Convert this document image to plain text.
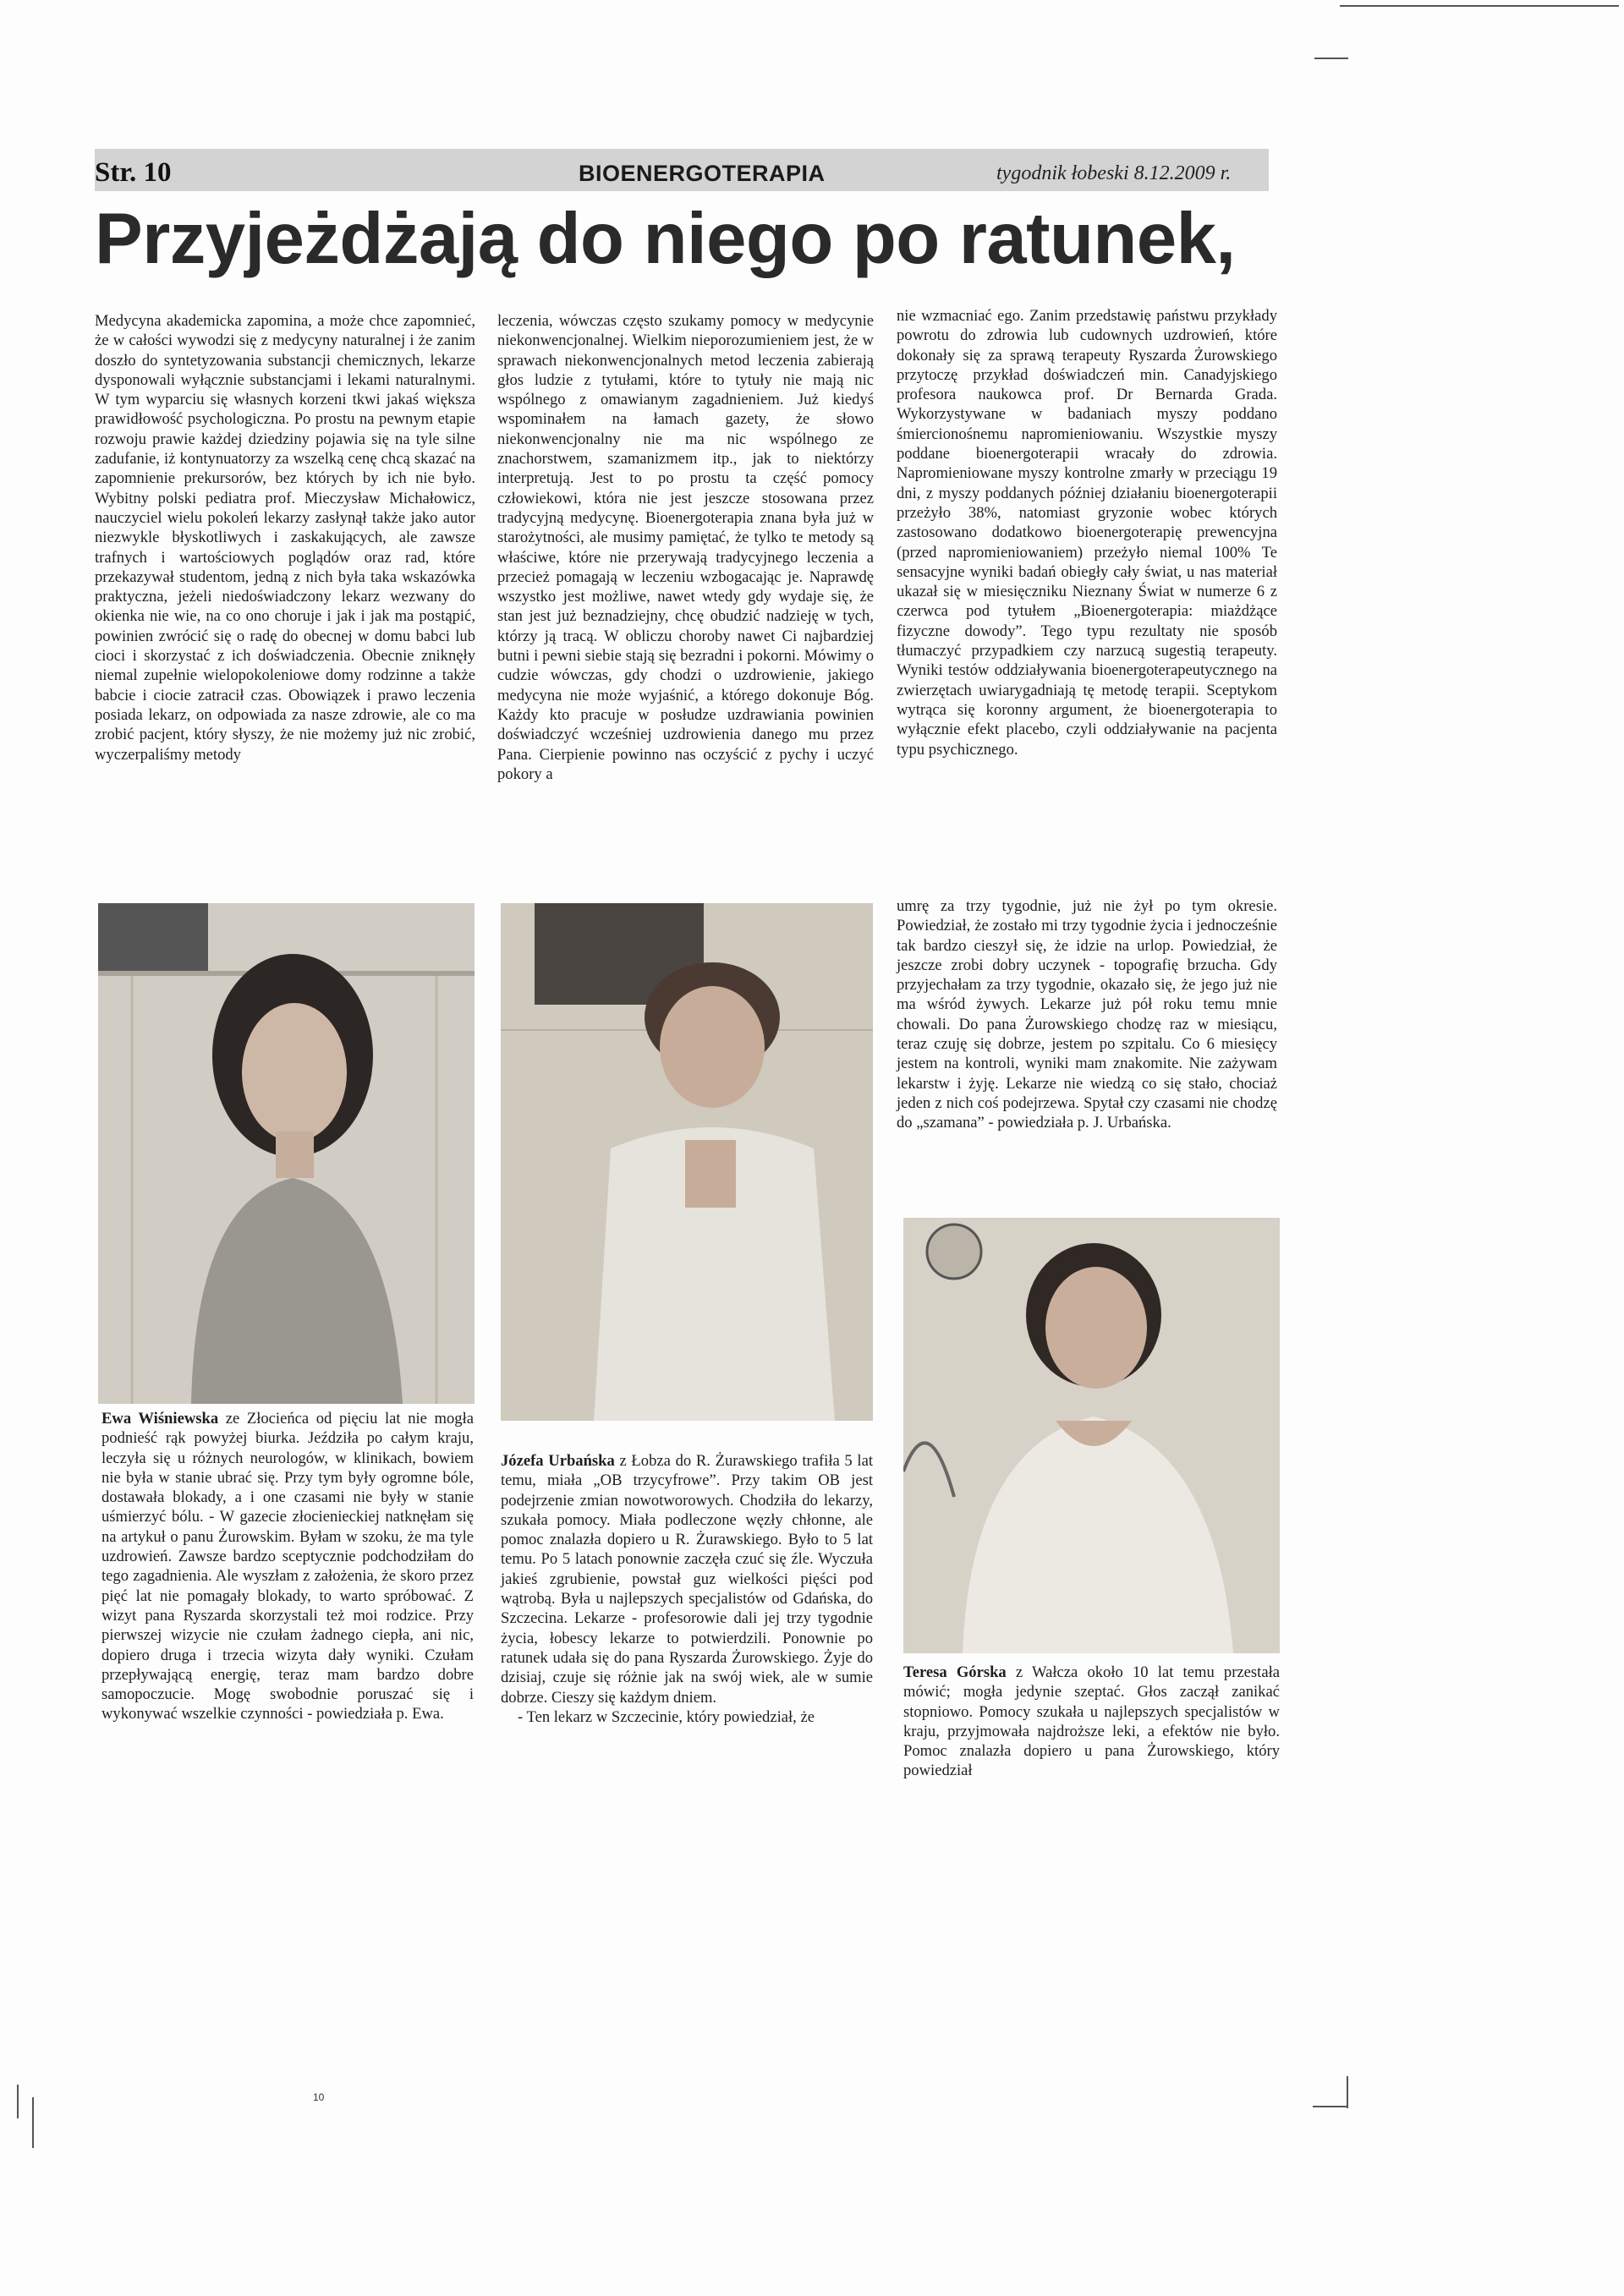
Str. 10	BIOENERGOTERAPIA	tygodnik łobeski 8.12.2009 r.
Przyjeżdżają do niego po ratunek,
Medycyna akademicka zapomina, a może chce zapomnieć, że w całości wywodzi się z medycyny naturalnej i że zanim doszło do syntetyzowania substancji chemicznych, lekarze dysponowali wyłącznie substancjami i lekami naturalnymi. W tym wyparciu się własnych korzeni tkwi jakaś większa prawidłowość psychologiczna. Po prostu na pewnym etapie rozwoju prawie każdej dziedziny pojawia się na tyle silne zadufanie, iż kontynuatorzy za wszelką cenę chcą skazać na zapomnienie prekursorów, bez których by ich nie było. Wybitny polski pediatra prof. Mieczysław Michałowicz, nauczyciel wielu pokoleń lekarzy zasłynął także jako autor niezwykle błyskotliwych i zaskakujących, ale zawsze trafnych i wartościowych poglądów oraz rad, które przekazywał studentom, jedną z nich była taka wskazówka praktyczna, jeżeli niedoświadczony lekarz wezwany do okienka nie wie, na co ono choruje i jak i jak ma postąpić, powinien zwrócić się o radę do obecnej w domu babci lub cioci i skorzystać z ich doświadczenia. Obecnie zniknęły niemal zupełnie wielopokoleniowe domy rodzinne a także babcie i ciocie zatracił czas. Obowiązek i prawo leczenia posiada lekarz, on odpowiada za nasze zdrowie, ale co ma zrobić pacjent, który słyszy, że nie możemy już nic zrobić, wyczerpaliśmy metody
leczenia, wówczas często szukamy pomocy w medycynie niekonwencjonalnej. Wielkim nieporozumieniem jest, że w sprawach niekonwencjonalnych metod leczenia zabierają głos ludzie z tytułami, które to tytuły nie mają nic wspólnego z omawianym zagadnieniem. Już kiedyś wspominałem na łamach gazety, że słowo niekonwencjonalny nie ma nic wspólnego ze znachorstwem, szamanizmem itp., jak to niektórzy interpretują. Jest to po prostu ta część pomocy człowiekowi, która nie jest jeszcze stosowana przez tradycyjną medycynę. Bioenergoterapia znana była już w starożytności, ale musimy pamiętać, że tylko te metody są właściwe, które nie przerywają tradycyjnego leczenia a przecież pomagają w leczeniu wzbogacając je. Naprawdę wszystko jest możliwe, nawet wtedy gdy wydaje się, że stan jest już beznadziejny, chcę obudzić nadzieję w tych, którzy ją tracą. W obliczu choroby nawet Ci najbardziej butni i pewni siebie stają się bezradni i pokorni. Mówimy o cudzie wówczas, gdy chodzi o uzdrowienie, jakiego medycyna nie może wyjaśnić, a którego dokonuje Bóg. Każdy kto pracuje w posłudze uzdrawiania powinien doświadczyć wcześniej uzdrowienia danego mu przez Pana. Cierpienie powinno nas oczyścić z pychy i uczyć pokory a
nie wzmacniać ego. Zanim przedstawię państwu przykłady powrotu do zdrowia lub cudownych uzdrowień, które dokonały się za sprawą terapeuty Ryszarda Żurowskiego przytoczę przykład doświadczeń min. Canadyjskiego profesora naukowca prof. Dr Bernarda Grada. Wykorzystywane w badaniach myszy poddano śmiercionośnemu napromieniowaniu. Wszystkie myszy poddane bioenergoterapii wracały do zdrowia. Napromieniowane myszy kontrolne zmarły w przeciągu 19 dni, z myszy poddanych później działaniu bioenergoterapii przeżyło 38%, natomiast gryzonie wobec których zastosowano dodatkowo bioenergoterapię prewencyjna (przed napromieniowaniem) przeżyło niemal 100% Te sensacyjne wyniki badań obiegły cały świat, u nas materiał ukazał się w miesięczniku Nieznany Świat w numerze 6 z czerwca pod tytułem „Bioenergoterapia: miażdżące fizyczne dowody”. Tego typu rezultaty nie sposób tłumaczyć przypadkiem czy narzucą sugestią terapeuty. Wyniki testów oddziaływania bioenergoterapeutycznego na zwierzętach uwiarygadniają tę metodę terapii. Sceptykom wytrąca się koronny argument, że bioenergoterapia to wyłącznie efekt placebo, czyli oddziaływanie na pacjenta typu psychicznego.
umrę za trzy tygodnie, już nie żył po tym okresie. Powiedział, że zostało mi trzy tygodnie życia i jednocześnie tak bardzo cieszył się, że idzie na urlop. Powiedział, że jeszcze zrobi dobry uczynek - topografię brzucha. Gdy przyjechałam za trzy tygodnie, okazało się, że jego już nie ma wśród żywych. Lekarze już pół roku temu mnie chowali. Do pana Żurowskiego chodzę raz w miesiącu, teraz czuję się dobrze, jestem po szpitalu. Co 6 miesięcy jestem na kontroli, wyniki mam znakomite. Nie zażywam lekarstw i żyję. Lekarze nie wiedzą co się stało, chociaż jeden z nich coś podejrzewa. Spytał czy czasami nie chodzę do „szamana” - powiedziała p. J. Urbańska.
Ewa Wiśniewska ze Złocieńca od pięciu lat nie mogła podnieść rąk powyżej biurka. Jeździła po całym kraju, leczyła się u różnych neurologów, w klinikach, bowiem nie była w stanie ubrać się. Przy tym były ogromne bóle, dostawała blokady, a i one czasami nie były w stanie uśmierzyć bólu. - W gazecie złocienieckiej natknęłam się na artykuł o panu Żurowskim. Byłam w szoku, że ma tyle uzdrowień. Zawsze bardzo sceptycznie podchodziłam do tego zagadnienia. Ale wyszłam z założenia, że skoro przez pięć lat nie pomagały blokady, to warto spróbować. Z wizyt pana Ryszarda skorzystali też moi rodzice. Przy pierwszej wizycie nie czułam żadnego ciepła, ani nic, dopiero druga i trzecia wizyta dały wyniki. Czułam przepływającą energię, teraz mam bardzo dobre samopoczucie. Mogę swobodnie poruszać się i wykonywać wszelkie czynności - powiedziała p. Ewa.
Józefa Urbańska z Łobza do R. Żurawskiego trafiła 5 lat temu, miała „OB trzycyfrowe”. Przy takim OB jest podejrzenie zmian nowotworowych. Chodziła do lekarzy, szukała pomocy. Miała podleczone węzły chłonne, ale pomoc znalazła dopiero u R. Żurawskiego. Było to 5 lat temu. Po 5 latach ponownie zaczęła czuć się źle. Wyczuła jakieś zgrubienie, powstał guz wielkości pięści pod wątrobą. Była u najlepszych specjalistów od Gdańska, do Szczecina. Lekarze - profesorowie dali jej trzy tygodnie życia, łobescy lekarze to potwierdzili. Ponownie po ratunek udała się do pana Ryszarda Żurowskiego. Żyje do dzisiaj, czuje się różnie jak na swój wiek, ale w sumie dobrze. Cieszy się każdym dniem.
- Ten lekarz w Szczecinie, który powiedział, że
Teresa Górska z Wałcza około 10 lat temu przestała mówić; mogła jedynie szeptać. Głos zaczął zanikać stopniowo. Pomocy szukała u najlepszych specjalistów w kraju, przyjmowała najdroższe leki, a efektów nie było. Pomoc znalazła dopiero u pana Żurowskiego, który powiedział
10
